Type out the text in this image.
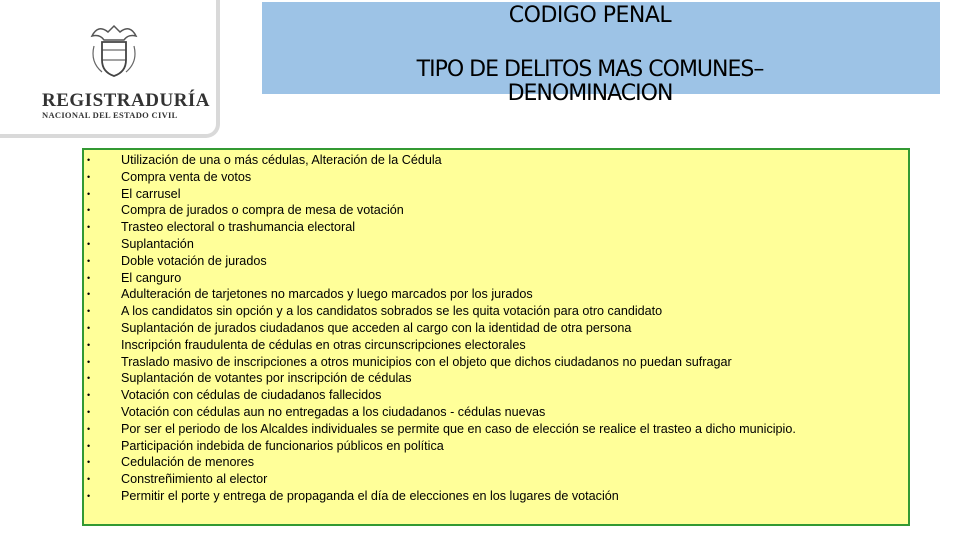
REGISTRADURÍA
NACIONAL DEL ESTADO CIVIL
CODIGO PENAL
TIPO DE DELITOS MAS COMUNES–DENOMINACION
• Utilización de una o más cédulas, Alteración de la Cédula
• Compra venta de votos
• El carrusel
• Compra de jurados o compra de mesa de votación
• Trasteo electoral o trashumancia electoral
• Suplantación
• Doble votación de jurados
• El canguro
• Adulteración de tarjetones no marcados y luego marcados por los jurados
• A los candidatos sin opción y a los candidatos sobrados se les quita votación para otro candidato
• Suplantación de jurados ciudadanos que acceden al cargo con la identidad de otra persona
• Inscripción fraudulenta de cédulas en otras circunscripciones electorales
• Traslado masivo de inscripciones a otros municipios con el objeto que dichos ciudadanos no puedan sufragar
• Suplantación de votantes por inscripción de cédulas
• Votación con cédulas de ciudadanos fallecidos
• Votación con cédulas aun no entregadas a los ciudadanos - cédulas nuevas
• Por ser el periodo de los Alcaldes individuales se permite que en caso de elección se realice el trasteo a dicho municipio.
• Participación indebida de funcionarios públicos en política
• Cedulación de menores
• Constreñimiento al elector
• Permitir el porte y entrega de propaganda el día de elecciones en los lugares de votación
